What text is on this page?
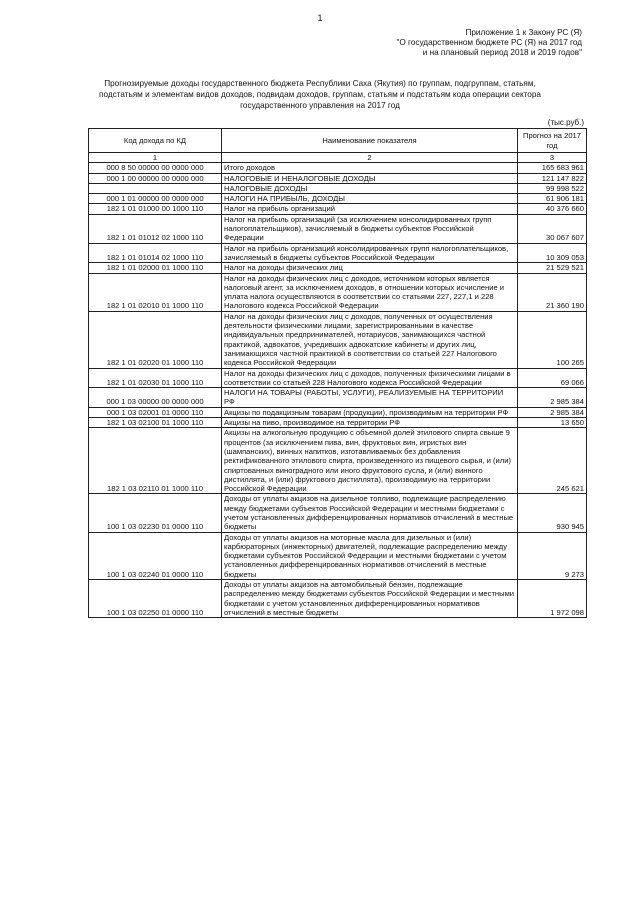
1
Приложение 1 к Закону РС (Я)
"О государственном бюджете РС (Я) на 2017 год
и на плановый период 2018 и 2019 годов"
Прогнозируемые доходы государственного бюджета Республики Саха (Якутия) по группам, подгруппам, статьям,
подстатьям и элементам видов доходов, подвидам доходов, группам, статьям и подстатьям кода операции сектора
государственного управления на 2017 год
(тыс.руб.)
Код дохода по КД	Наименование показателя	Прогноз на 2017 год
1	2	3
000 8 50 00000 00 0000 000	Итого доходов	165 683 961
000 1 00 00000 00 0000 000	НАЛОГОВЫЕ И НЕНАЛОГОВЫЕ ДОХОДЫ	121 147 822
	НАЛОГОВЫЕ ДОХОДЫ	99 998 522
000 1 01 00000 00 0000 000	НАЛОГИ НА ПРИБЫЛЬ, ДОХОДЫ	61 906 181
182 1 01 01000 00 1000 110	Налог на прибыль организаций	40 376 660
182 1 01 01012 02 1000 110	Налог на прибыль организаций (за исключением консолидированных групп налогоплательщиков), зачисляемый в бюджеты субъектов Российской Федерации	30 067 607
182 1 01 01014 02 1000 110	Налог на прибыль организаций консолидированных групп налогоплательщиков, зачисляемый в бюджеты субъектов Российской Федерации	10 309 053
182 1 01 02000 01 1000 110	Налог на доходы физических лиц	21 529 521
182 1 01 02010 01 1000 110	Налог на доходы физических лиц с доходов, источником которых является налоговый агент, за исключением доходов, в отношении которых исчисление и уплата налога осуществляются в соответствии со статьями 227, 227,1 и 228 Налогового кодекса Российской Федерации	21 360 190
182 1 01 02020 01 1000 110	Налог на доходы физических лиц с доходов, полученных от осуществления деятельности физическими лицами, зарегистрированными в качестве индивидуальных предпринимателей, нотариусов, занимающихся частной практикой, адвокатов, учредивших адвокатские кабинеты и других лиц, занимающихся частной практикой в соответствии со статьей 227 Налогового кодекса Российской Федерации	100 265
182 1 01 02030 01 1000 110	Налог на доходы физических лиц с доходов, полученных физическими лицами в соответствии со статьей 228 Налогового кодекса Российской Федерации	69 066
000 1 03 00000 00 0000 000	НАЛОГИ НА ТОВАРЫ (РАБОТЫ, УСЛУГИ), РЕАЛИЗУЕМЫЕ НА ТЕРРИТОРИИ РФ	2 985 384
000 1 03 02001 01 0000 110	Акцизы по подакцизным товарам (продукции), производимым на территории РФ	2 985 384
182 1 03 02100 01 1000 110	Акцизы на пиво, производимое на территории РФ	13 650
182 1 03 02110 01 1000 110	Акцизы на алкогольную продукцию с объемной долей этилового спирта свыше 9 процентов (за исключением пива, вин, фруктовых вин, игристых вин (шампанских), винных напитков, изготавливаемых без добавления ректификованного этилового спирта, произведенного из пищевого сырья, и (или) спиртованных виноградного или иного фруктового сусла, и (или) винного дистиллята, и (или) фруктового дистиллята), производимую на территории Российской Федерации	245 621
100 1 03 02230 01 0000 110	Доходы от уплаты акцизов на дизельное топливо, подлежащие распределению между бюджетами субъектов Российской Федерации и местными бюджетами с учетом установленных дифференцированных нормативов отчислений в местные бюджеты	930 945
100 1 03 02240 01 0000 110	Доходы от уплаты акцизов на моторные масла для дизельных и (или) карбюраторных (инжекторных) двигателей, подлежащие распределению между бюджетами субъектов Российской Федерации и местными бюджетами с учетом установленных дифференцированных нормативов отчислений в местные бюджеты	9 273
100 1 03 02250 01 0000 110	Доходы от уплаты акцизов на автомобильный бензин, подлежащие распределению между бюджетами субъектов Российской Федерации и местными бюджетами с учетом установленных дифференцированных нормативов отчислений в местные бюджеты	1 972 098
